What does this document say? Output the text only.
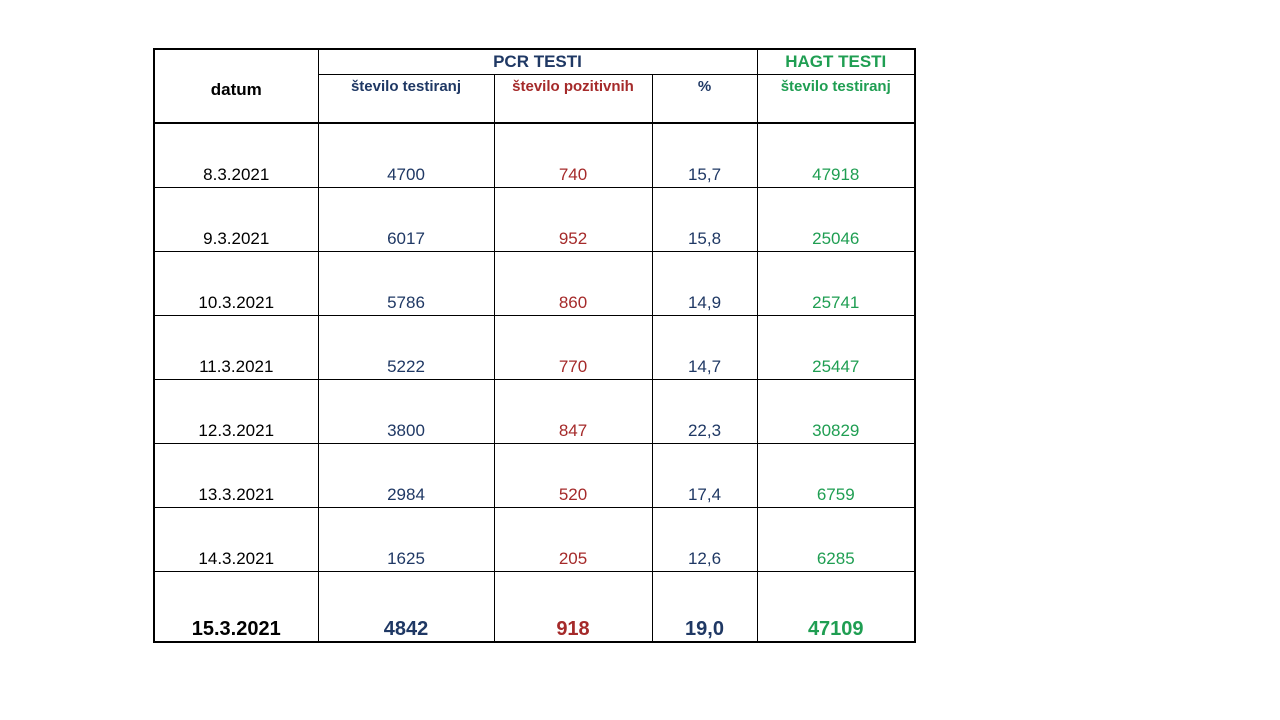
datum	PCR TESTI			HAGT TESTI
	število testiranj	število pozitivnih	%	število testiranj
8.3.2021	4700	740	15,7	47918
9.3.2021	6017	952	15,8	25046
10.3.2021	5786	860	14,9	25741
11.3.2021	5222	770	14,7	25447
12.3.2021	3800	847	22,3	30829
13.3.2021	2984	520	17,4	6759
14.3.2021	1625	205	12,6	6285
15.3.2021	4842	918	19,0	47109
